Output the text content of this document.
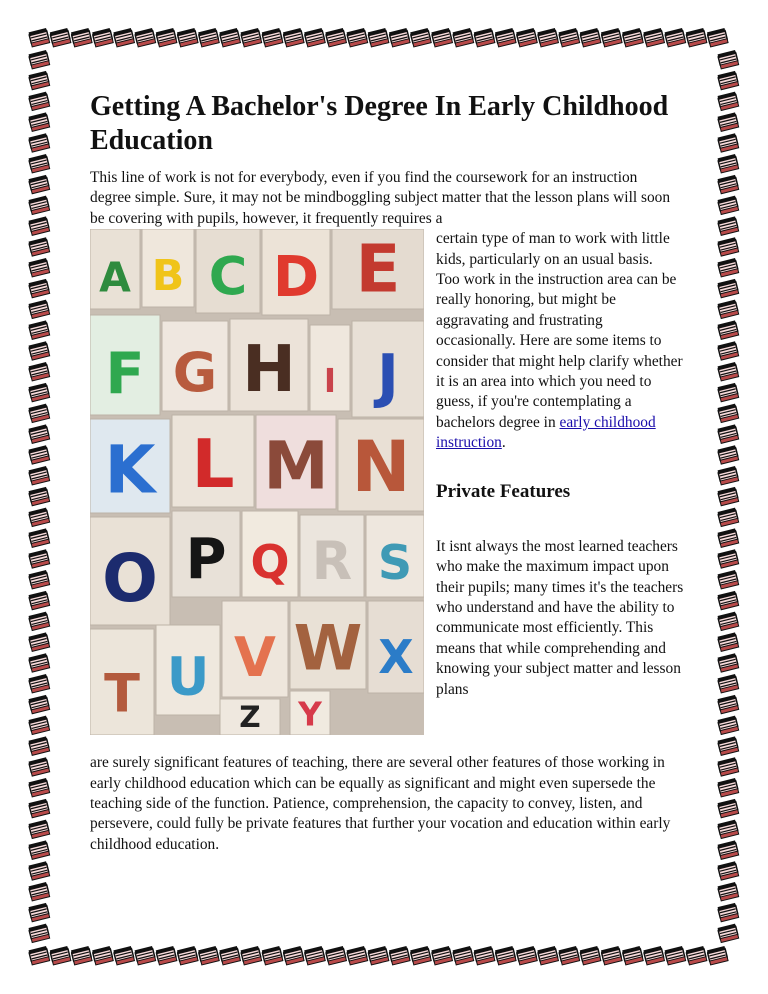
Getting A Bachelor's Degree In Early Childhood Education

This line of work is not for everybody, even if you find the coursework for an instruction degree simple. Sure, it may not be mindboggling subject matter that the lesson plans will soon be covering with pupils, however, it frequently requires a

A B C D E
F G H I J
K L M N
O P Q R S
T U V W X
Y
Z

certain type of man to work with little kids, particularly on an usual basis.

Too work in the instruction area can be really honoring, but might be aggravating and frustrating occasionally. Here are some items to consider that might help clarify whether it is an area into which you need to guess, if you're contemplating a bachelors degree in early childhood instruction.

Private Features

It isnt always the most learned teachers who make the maximum impact upon their pupils; many times it's the teachers who understand and have the ability to communicate most efficiently. This means that while comprehending and knowing your subject matter and lesson plans

are surely significant features of teaching, there are several other features of those working in early childhood education which can be equally as significant and might even supersede the teaching side of the function. Patience, comprehension, the capacity to convey, listen, and persevere, could fully be private features that further your vocation and education within early childhood education.
